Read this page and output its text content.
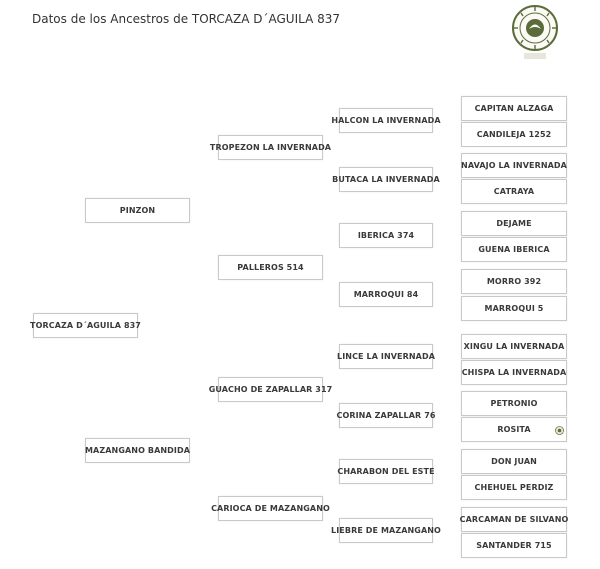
Datos de los Ancestros de TORCAZA D´AGUILA 837
TORCAZA D´AGUILA 837
PINZON
MAZANGANO BANDIDA
TROPEZON LA INVERNADA
PALLEROS 514
GUACHO DE ZAPALLAR 317
CARIOCA DE MAZANGANO
HALCON LA INVERNADA
BUTACA LA INVERNADA
IBERICA 374
MARROQUI 84
LINCE LA INVERNADA
CORINA ZAPALLAR 76
CHARABON DEL ESTE
LIEBRE DE MAZANGANO
CAPITAN ALZAGA
CANDILEJA 1252
NAVAJO LA INVERNADA
CATRAYA
DEJAME
GUENA IBERICA
MORRO 392
MARROQUI 5
XINGU LA INVERNADA
CHISPA LA INVERNADA
PETRONIO
ROSITA
DON JUAN
CHEHUEL PERDIZ
CARCAMAN DE SILVANO
SANTANDER 715
